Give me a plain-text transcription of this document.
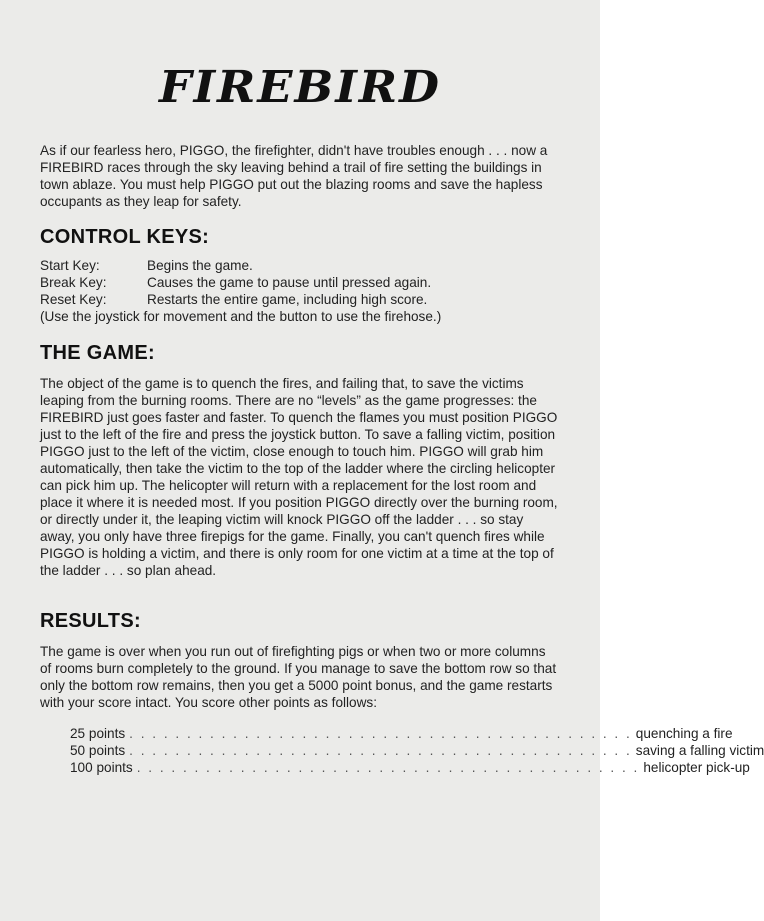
FIREBIRD

As if our fearless hero, PIGGO, the firefighter, didn't have troubles enough . . . now a FIREBIRD races through the sky leaving behind a trail of fire setting the buildings in town ablaze. You must help PIGGO put out the blazing rooms and save the hapless occupants as they leap for safety.

CONTROL KEYS:
Start Key:	Begins the game.
Break Key:	Causes the game to pause until pressed again.
Reset Key:	Restarts the entire game, including high score.
(Use the joystick for movement and the button to use the firehose.)
THE GAME:

The object of the game is to quench the fires, and failing that, to save the victims leaping from the burning rooms. There are no “levels” as the game progresses: the FIREBIRD just goes faster and faster. To quench the flames you must position PIGGO just to the left of the fire and press the joystick button. To save a falling victim, position PIGGO just to the left of the victim, close enough to touch him. PIGGO will grab him automatically, then take the victim to the top of the ladder where the circling helicopter can pick him up. The helicopter will return with a replacement for the lost room and place it where it is needed most. If you position PIGGO directly over the burning room, or directly under it, the leaping victim will knock PIGGO off the ladder . . . so stay away, you only have three firepigs for the game. Finally, you can't quench fires while PIGGO is holding a victim, and there is only room for one victim at a time at the top of the ladder . . . so plan ahead.

RESULTS:

The game is over when you run out of firefighting pigs or when two or more columns of rooms burn completely to the ground. If you manage to save the bottom row so that only the bottom row remains, then you get a 5000 point bonus, and the game restarts with your score intact. You score other points as follows:

25 points . . . . . . . . . . . . . . . . . . . . . . . . . . . . . . . . . . . . . . . . . . . . quenching a fire
50 points . . . . . . . . . . . . . . . . . . . . . . . . . . . . . . . . . . . . . . . . . . . . saving a falling victim
100 points . . . . . . . . . . . . . . . . . . . . . . . . . . . . . . . . . . . . . . . . . . . . helicopter pick-up
